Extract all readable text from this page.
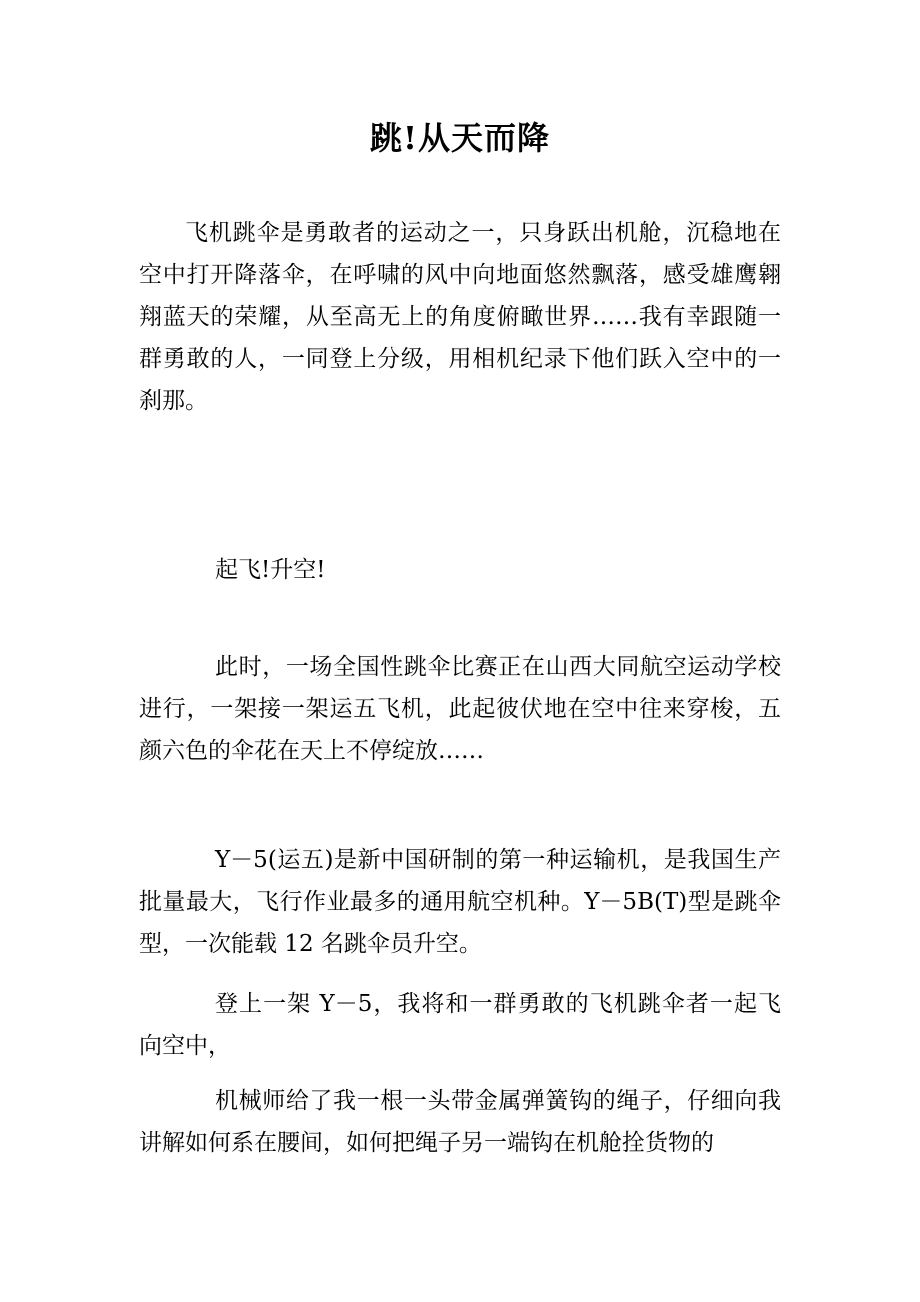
跳!从天而降

飞机跳伞是勇敢者的运动之一，只身跃出机舱，沉稳地在空中打开降落伞，在呼啸的风中向地面悠然飘落，感受雄鹰翱翔蓝天的荣耀，从至高无上的角度俯瞰世界……我有幸跟随一群勇敢的人，一同登上分级，用相机纪录下他们跃入空中的一刹那。

起飞!升空!

此时，一场全国性跳伞比赛正在山西大同航空运动学校进行，一架接一架运五飞机，此起彼伏地在空中往来穿梭，五颜六色的伞花在天上不停绽放……

Y－5(运五)是新中国研制的第一种运输机，是我国生产批量最大，飞行作业最多的通用航空机种。Y－5B(T)型是跳伞型，一次能载 12 名跳伞员升空。

登上一架 Y－5，我将和一群勇敢的飞机跳伞者一起飞向空中，

机械师给了我一根一头带金属弹簧钩的绳子，仔细向我讲解如何系在腰间，如何把绳子另一端钩在机舱拴货物的
